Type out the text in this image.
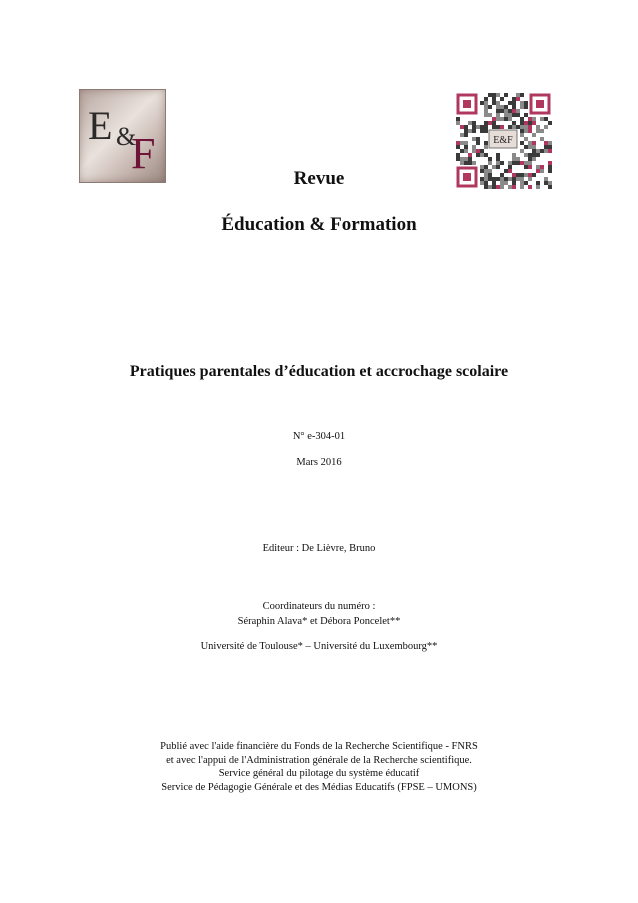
E &
F	E&F
Revue
Éducation & Formation
Pratiques parentales d’éducation et accrochage scolaire
N° e-304-01
Mars 2016
Editeur : De Lièvre, Bruno
Coordinateurs du numéro :
Séraphin Alava* et Débora Poncelet**
Université de Toulouse* – Université du Luxembourg**
Publié avec l'aide financière du Fonds de la Recherche Scientifique - FNRS
et avec l'appui de l'Administration générale de la Recherche scientifique.
Service général du pilotage du système éducatif
Service de Pédagogie Générale et des Médias Educatifs (FPSE – UMONS)
